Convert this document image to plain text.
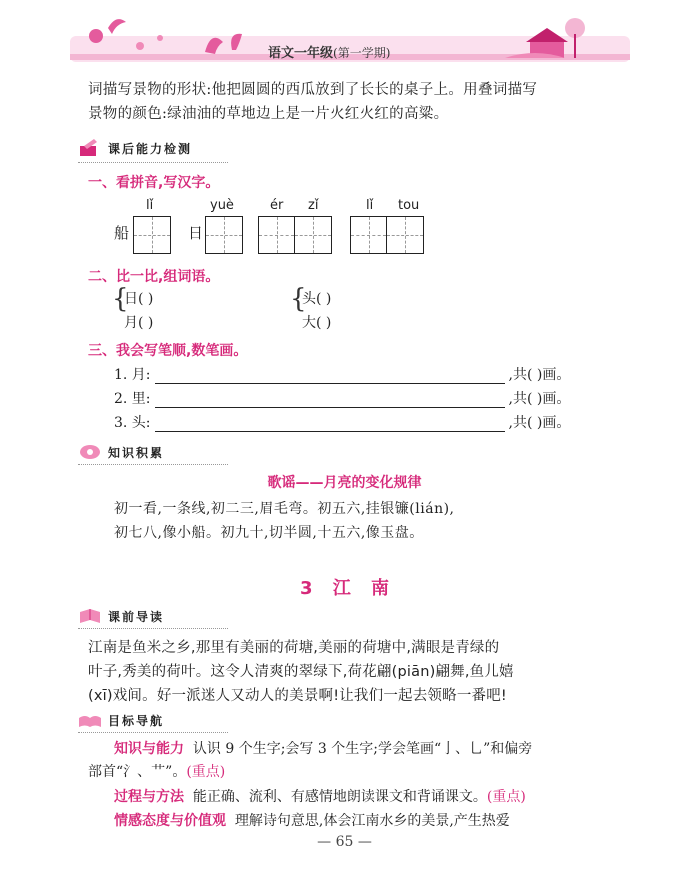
语文一年级(第一学期)
词描写景物的形状:他把圆圆的西瓜放到了长长的桌子上。用叠词描写
景物的颜色:绿油油的草地边上是一片火红火红的高粱。
课后能力检测
一、看拼音,写汉字。
lǐ	yuè	ér zǐ	lǐ tou
船	日
二、比一比,组词语。
{
日( )
月( )
{
头( )
大( )
三、我会写笔顺,数笔画。
1. 月:	,共( )画。
2. 里:	,共( )画。
3. 头:	,共( )画。
知识积累
歌谣——月亮的变化规律
初一看,一条线,初二三,眉毛弯。初五六,挂银镰(lián),
初七八,像小船。初九十,切半圆,十五六,像玉盘。
3 江 南
课前导读
江南是鱼米之乡,那里有美丽的荷塘,美丽的荷塘中,满眼是青绿的
叶子,秀美的荷叶。这令人清爽的翠绿下,荷花翩(piān)翩舞,鱼儿嬉
(xī)戏间。好一派迷人又动人的美景啊!让我们一起去领略一番吧!
目标导航
知识与能力 认识 9 个生字;会写 3 个生字;学会笔画“亅、乚”和偏旁
部首“氵、艹”。(重点)
过程与方法 能正确、流利、有感情地朗读课文和背诵课文。(重点)
情感态度与价值观 理解诗句意思,体会江南水乡的美景,产生热爱
— 65 —
